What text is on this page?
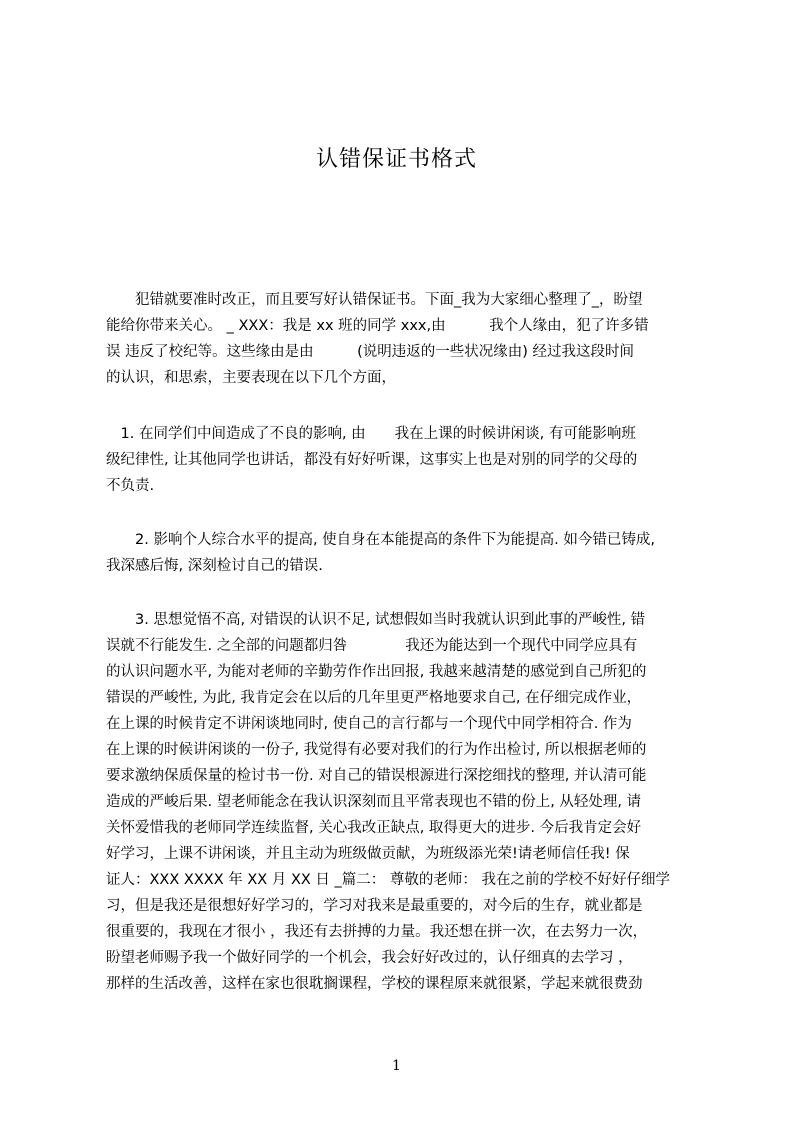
认错保证书格式
　　犯错就要准时改正，而且要写好认错保证书。下面_我为大家细心整理了_，盼望
能给你带来关心。 _ XXX：我是 xx 班的同学 xxx,由　　　我个人缘由，犯了许多错
误 违反了校纪等。这些缘由是由　　　(说明违返的一些状况缘由) 经过我这段时间
的认识，和思索，主要表现在以下几个方面，
　1. 在同学们中间造成了不良的影响, 由　　我在上课的时候讲闲谈, 有可能影响班
级纪律性, 让其他同学也讲话，都没有好好听课，这事实上也是对别的同学的父母的
不负责.
　　2. 影响个人综合水平的提高, 使自身在本能提高的条件下为能提高. 如今错已铸成,
我深感后悔, 深刻检讨自己的错误.
　　3. 思想觉悟不高, 对错误的认识不足, 试想假如当时我就认识到此事的严峻性, 错
误就不行能发生. 之全部的问题都归咎　　　　我还为能达到一个现代中同学应具有
的认识问题水平, 为能对老师的辛勤劳作作出回报, 我越来越清楚的感觉到自己所犯的
错误的严峻性, 为此, 我肯定会在以后的几年里更严格地要求自己, 在仔细完成作业，
在上课的时候肯定不讲闲谈地同时, 使自己的言行都与一个现代中同学相符合. 作为
在上课的时候讲闲谈的一份子, 我觉得有必要对我们的行为作出检讨, 所以根据老师的
要求激纳保质保量的检讨书一份. 对自己的错误根源进行深挖细找的整理, 并认清可能
造成的严峻后果. 望老师能念在我认识深刻而且平常表现也不错的份上, 从轻处理, 请
关怀爱惜我的老师同学连续监督, 关心我改正缺点, 取得更大的进步. 今后我肯定会好
好学习，上课不讲闲谈，并且主动为班级做贡献，为班级添光荣!请老师信任我! 保
证人：XXX XXXX 年 XX 月 XX 日 _篇二： 尊敬的老师： 我在之前的学校不好好仔细学
习，但是我还是很想好好学习的，学习对我来是最重要的，对今后的生存，就业都是
很重要的，我现在才很小 ，我还有去拼搏的力量。我还想在拼一次，在去努力一次，
盼望老师赐予我一个做好同学的一个机会，我会好好改过的，认仔细真的去学习 ，
那样的生活改善，这样在家也很耽搁课程，学校的课程原来就很紧，学起来就很费劲
1
